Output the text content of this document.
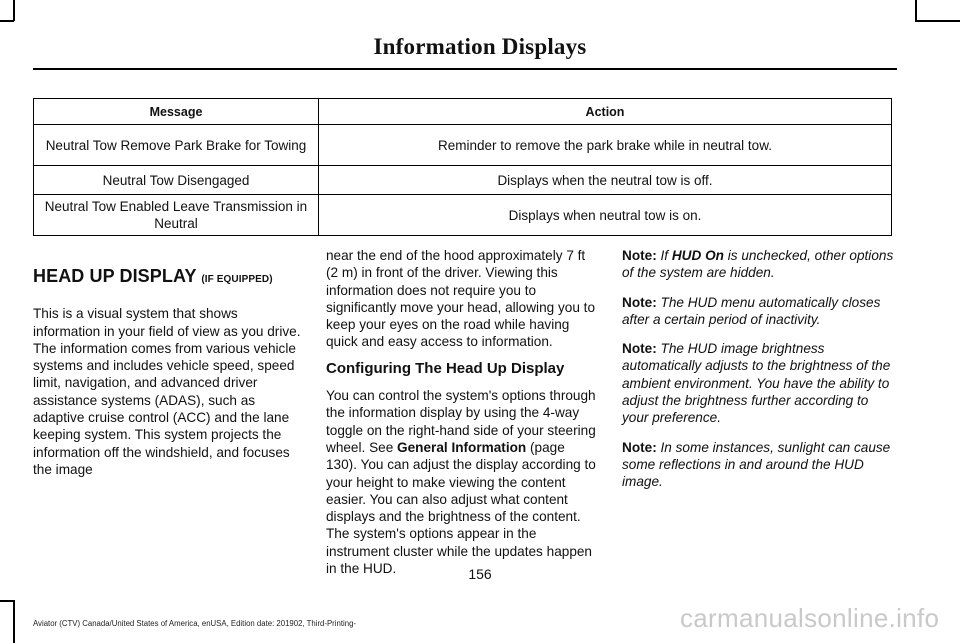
Information Displays
Message	Action
Neutral Tow Remove Park Brake for Towing	Reminder to remove the park brake while in neutral tow.
Neutral Tow Disengaged	Displays when the neutral tow is off.
Neutral Tow Enabled Leave Transmission in Neutral	Displays when neutral tow is on.
HEAD UP DISPLAY (IF EQUIPPED)

This is a visual system that shows information in your field of view as you drive. The information comes from various vehicle systems and includes vehicle speed, speed limit, navigation, and advanced driver assistance systems (ADAS), such as adaptive cruise control (ACC) and the lane keeping system. This system projects the information off the windshield, and focuses the image

near the end of the hood approximately 7 ft (2 m) in front of the driver. Viewing this information does not require you to significantly move your head, allowing you to keep your eyes on the road while having quick and easy access to information.

Configuring The Head Up Display

You can control the system's options through the information display by using the 4-way toggle on the right-hand side of your steering wheel. See General Information (page 130). You can adjust the display according to your height to make viewing the content easier. You can also adjust what content displays and the brightness of the content. The system's options appear in the instrument cluster while the updates happen in the HUD.

Note: If HUD On is unchecked, other options of the system are hidden.

Note: The HUD menu automatically closes after a certain period of inactivity.

Note: The HUD image brightness automatically adjusts to the brightness of the ambient environment. You have the ability to adjust the brightness further according to your preference.

Note: In some instances, sunlight can cause some reflections in and around the HUD image.

156
Aviator (CTV) Canada/United States of America, enUSA, Edition date: 201902, Third-Printing-	carmanualsonline.info
